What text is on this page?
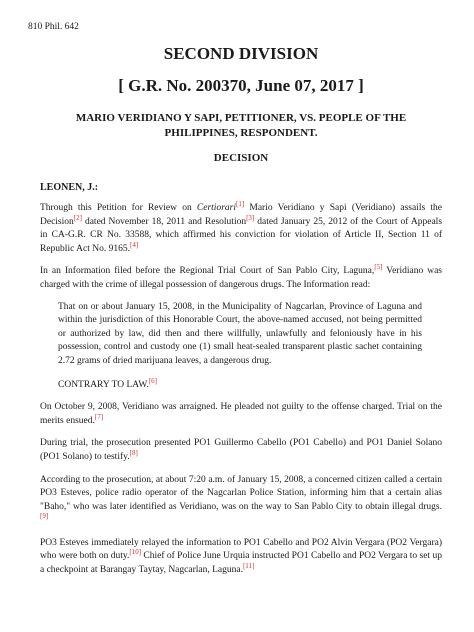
810 Phil. 642
SECOND DIVISION
[ G.R. No. 200370, June 07, 2017 ]

MARIO VERIDIANO Y SAPI, PETITIONER, VS. PEOPLE OF THE PHILIPPINES, RESPONDENT.

DECISION

LEONEN, J.:

Through this Petition for Review on Certiorari[1] Mario Veridiano y Sapi (Veridiano) assails the Decision[2] dated November 18, 2011 and Resolution[3] dated January 25, 2012 of the Court of Appeals in CA-G.R. CR No. 33588, which affirmed his conviction for violation of Article II, Section 11 of Republic Act No. 9165.[4]

In an Information filed before the Regional Trial Court of San Pablo City, Laguna,[5] Veridiano was charged with the crime of illegal possession of dangerous drugs. The Information read:

That on or about January 15, 2008, in the Municipality of Nagcarlan, Province of Laguna and within the jurisdiction of this Honorable Court, the above-named accused, not being permitted or authorized by law, did then and there willfully, unlawfully and feloniously have in his possession, control and custody one (1) small heat-sealed transparent plastic sachet containing 2.72 grams of dried marijuana leaves, a dangerous drug.

CONTRARY TO LAW.[6]

On October 9, 2008, Veridiano was arraigned. He pleaded not guilty to the offense charged. Trial on the merits ensued.[7]

During trial, the prosecution presented PO1 Guillermo Cabello (PO1 Cabello) and PO1 Daniel Solano (PO1 Solano) to testify.[8]

According to the prosecution, at about 7:20 a.m. of January 15, 2008, a concerned citizen called a certain PO3 Esteves, police radio operator of the Nagcarlan Police Station, informing him that a certain alias "Baho," who was later identified as Veridiano, was on the way to San Pablo City to obtain illegal drugs.[9]

PO3 Esteves immediately relayed the information to PO1 Cabello and PO2 Alvin Vergara (PO2 Vergara) who were both on duty.[10] Chief of Police June Urquia instructed PO1 Cabello and PO2 Vergara to set up a checkpoint at Barangay Taytay, Nagcarlan, Laguna.[11]
